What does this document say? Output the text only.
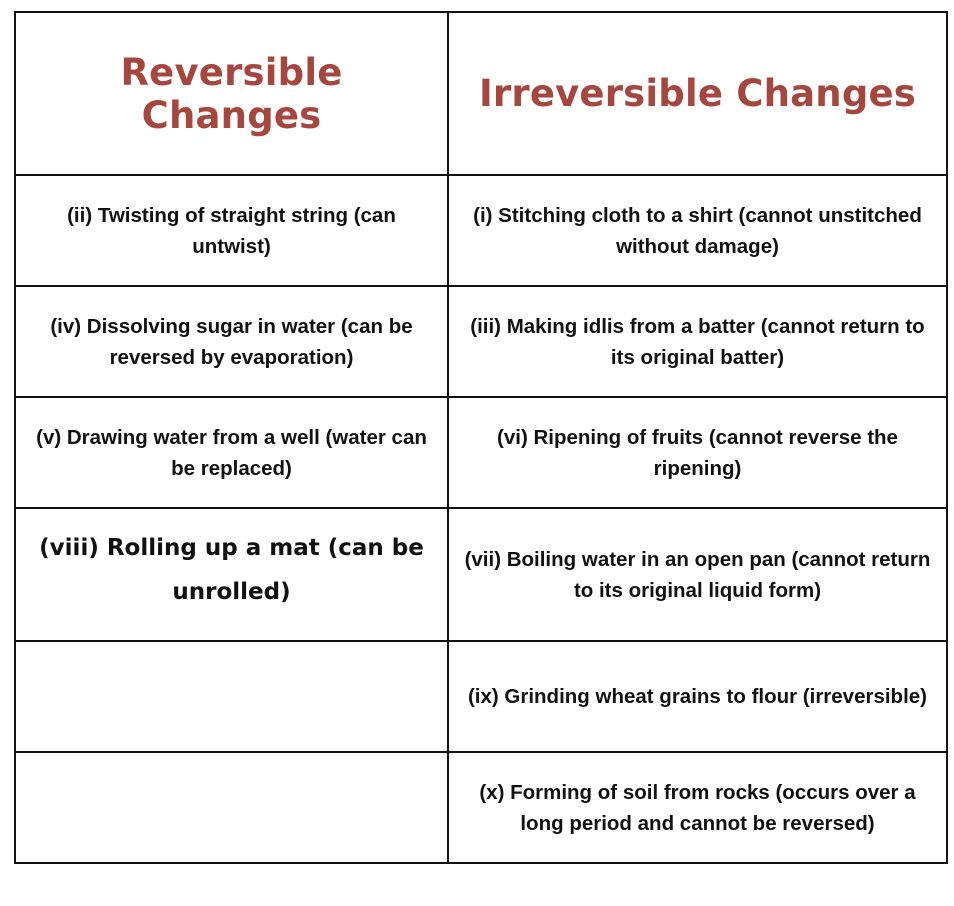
Reversible Changes	Irreversible Changes
(ii) Twisting of straight string (can untwist)	(i) Stitching cloth to a shirt (cannot unstitched without damage)
(iv) Dissolving sugar in water (can be reversed by evaporation)	(iii) Making idlis from a batter (cannot return to its original batter)
(v) Drawing water from a well (water can be replaced)	(vi) Ripening of fruits (cannot reverse the ripening)
(viii) Rolling up a mat (can be unrolled)	(vii) Boiling water in an open pan (cannot return to its original liquid form)
	(ix) Grinding wheat grains to flour (irreversible)
	(x) Forming of soil from rocks (occurs over a long period and cannot be reversed)
